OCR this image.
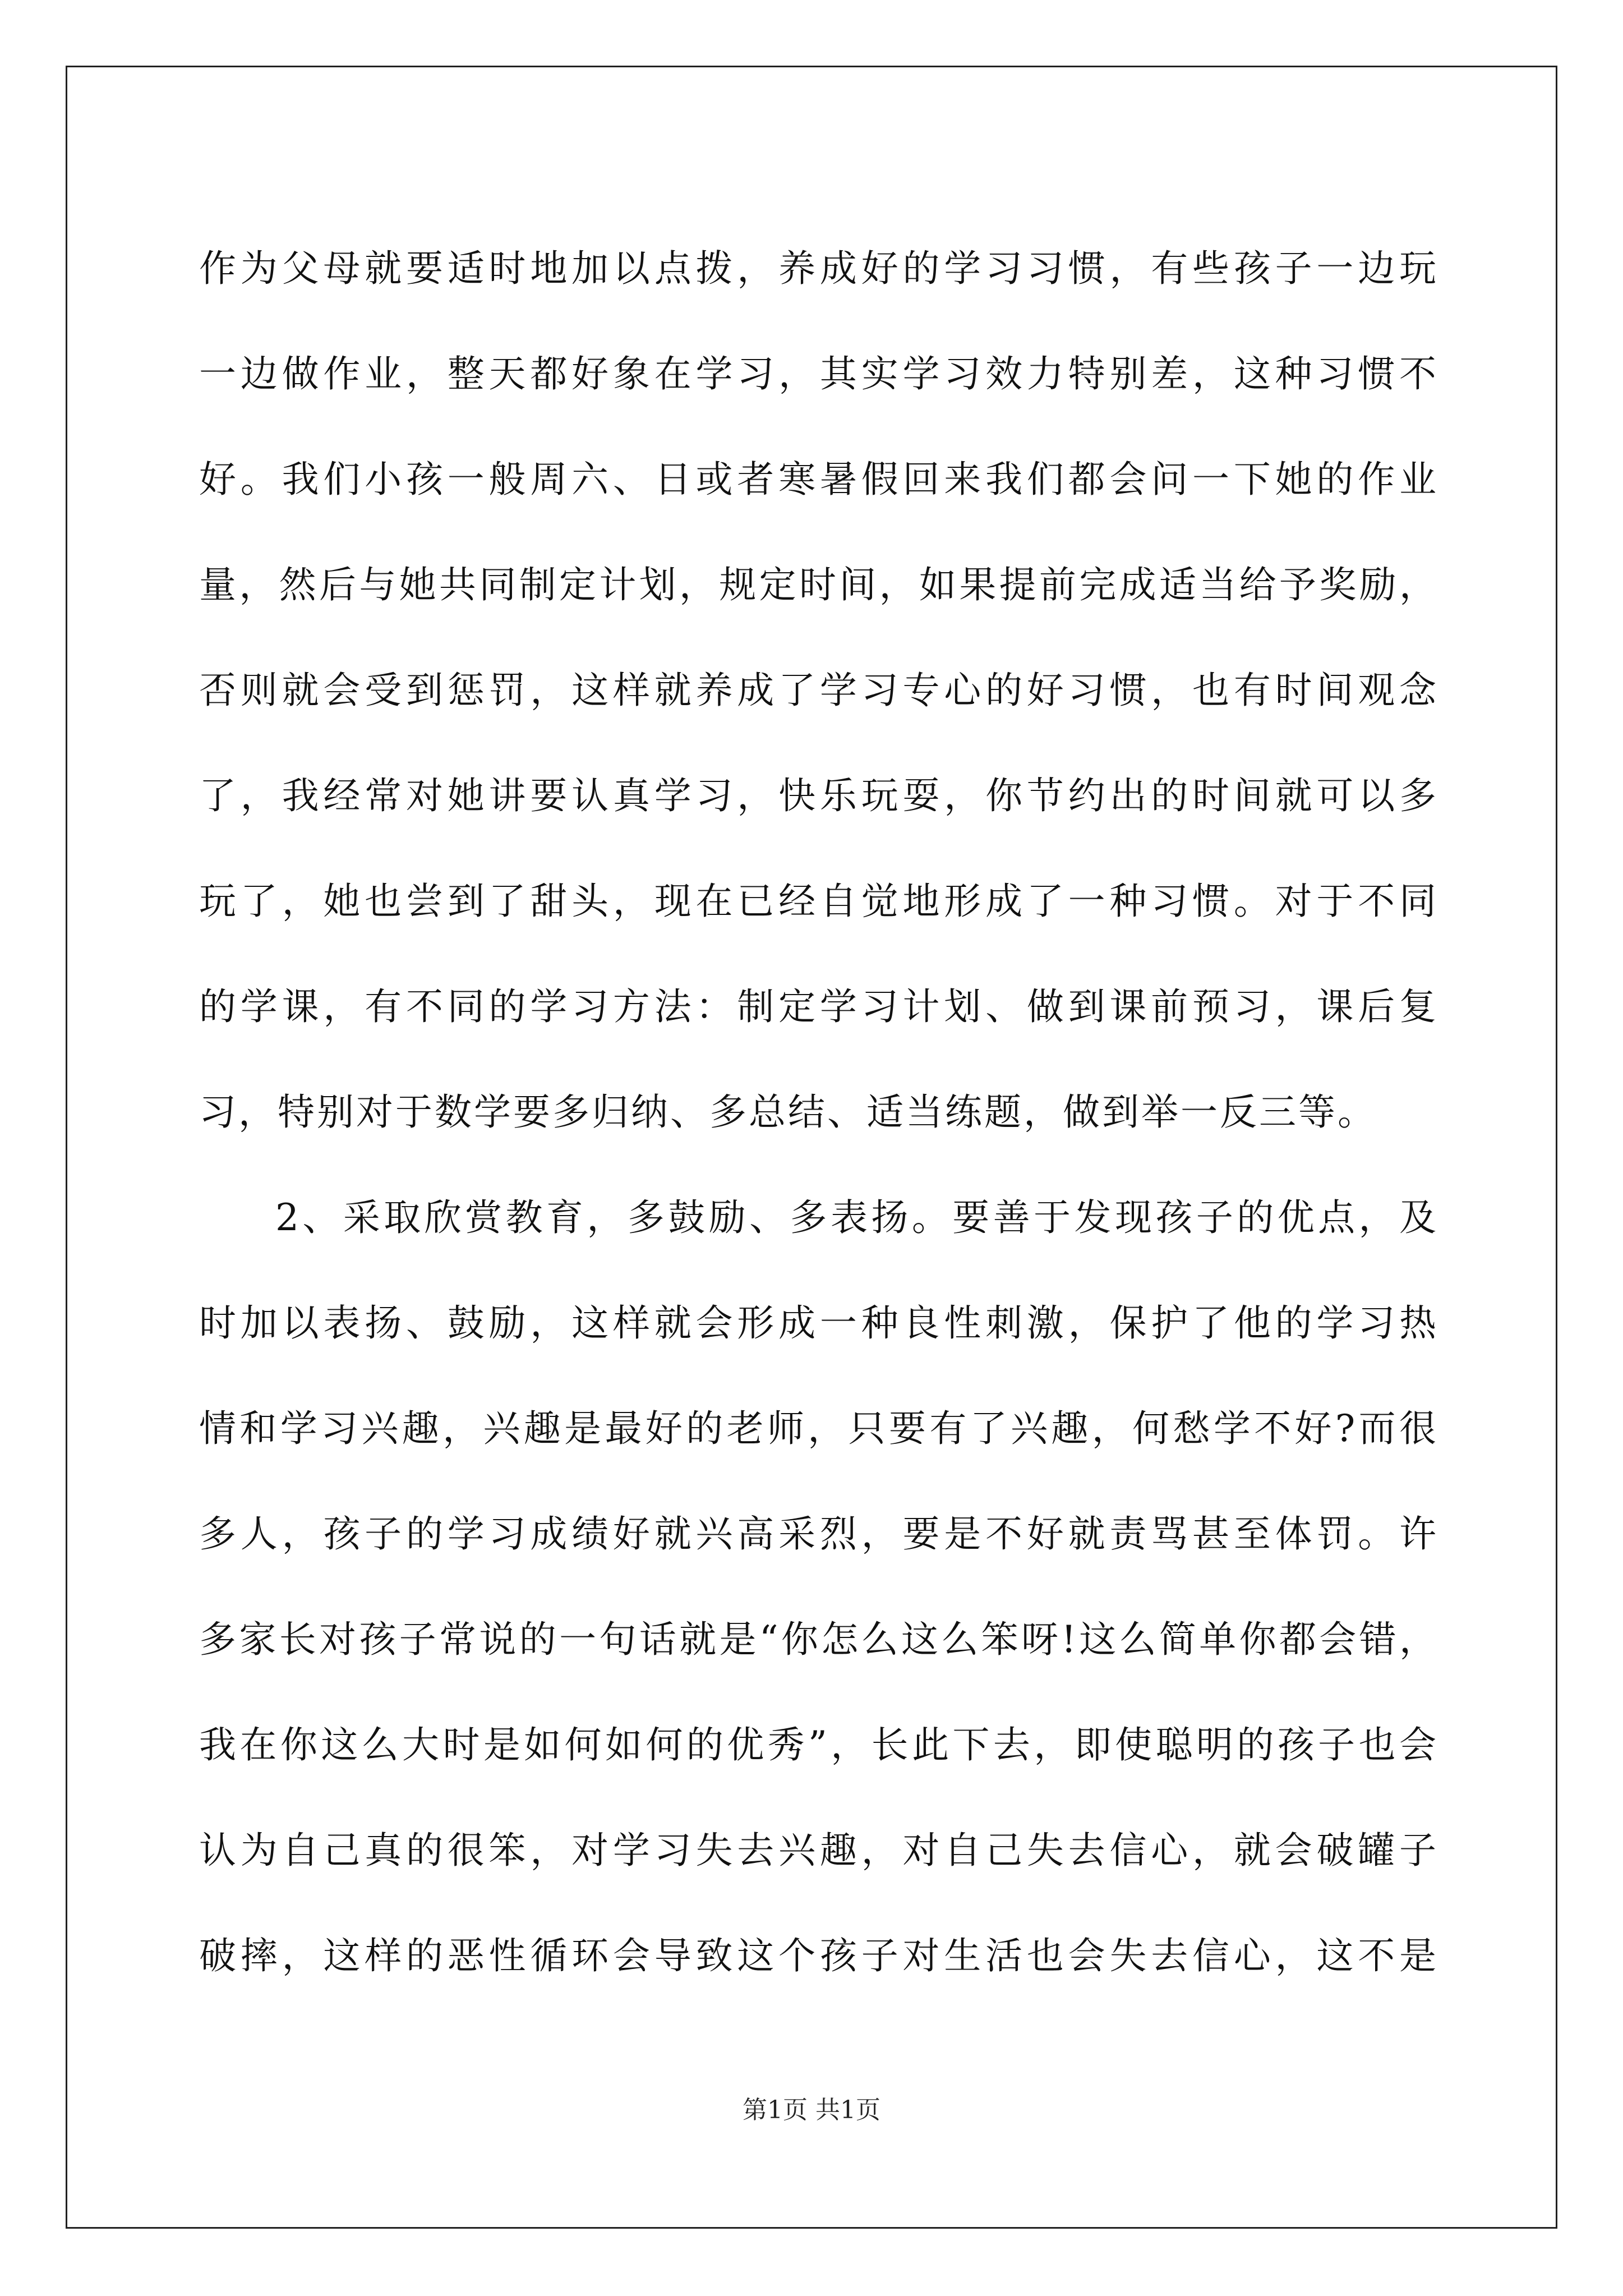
作为父母就要适时地加以点拨，养成好的学习习惯，有些孩子一边玩
一边做作业，整天都好象在学习，其实学习效力特别差，这种习惯不
好。我们小孩一般周六、日或者寒暑假回来我们都会问一下她的作业
量，然后与她共同制定计划，规定时间，如果提前完成适当给予奖励，
否则就会受到惩罚，这样就养成了学习专心的好习惯，也有时间观念
了，我经常对她讲要认真学习，快乐玩耍，你节约出的时间就可以多
玩了，她也尝到了甜头，现在已经自觉地形成了一种习惯。对于不同
的学课，有不同的学习方法：制定学习计划、做到课前预习，课后复
习，特别对于数学要多归纳、多总结、适当练题，做到举一反三等。
2、采取欣赏教育，多鼓励、多表扬。要善于发现孩子的优点，及
时加以表扬、鼓励，这样就会形成一种良性刺激，保护了他的学习热
情和学习兴趣，兴趣是最好的老师，只要有了兴趣，何愁学不好?而很
多人，孩子的学习成绩好就兴高采烈，要是不好就责骂甚至体罚。许
多家长对孩子常说的一句话就是“你怎么这么笨呀!这么简单你都会错，
我在你这么大时是如何如何的优秀”，长此下去，即使聪明的孩子也会
认为自己真的很笨，对学习失去兴趣，对自己失去信心，就会破罐子
破摔，这样的恶性循环会导致这个孩子对生活也会失去信心，这不是
第1页 共1页
